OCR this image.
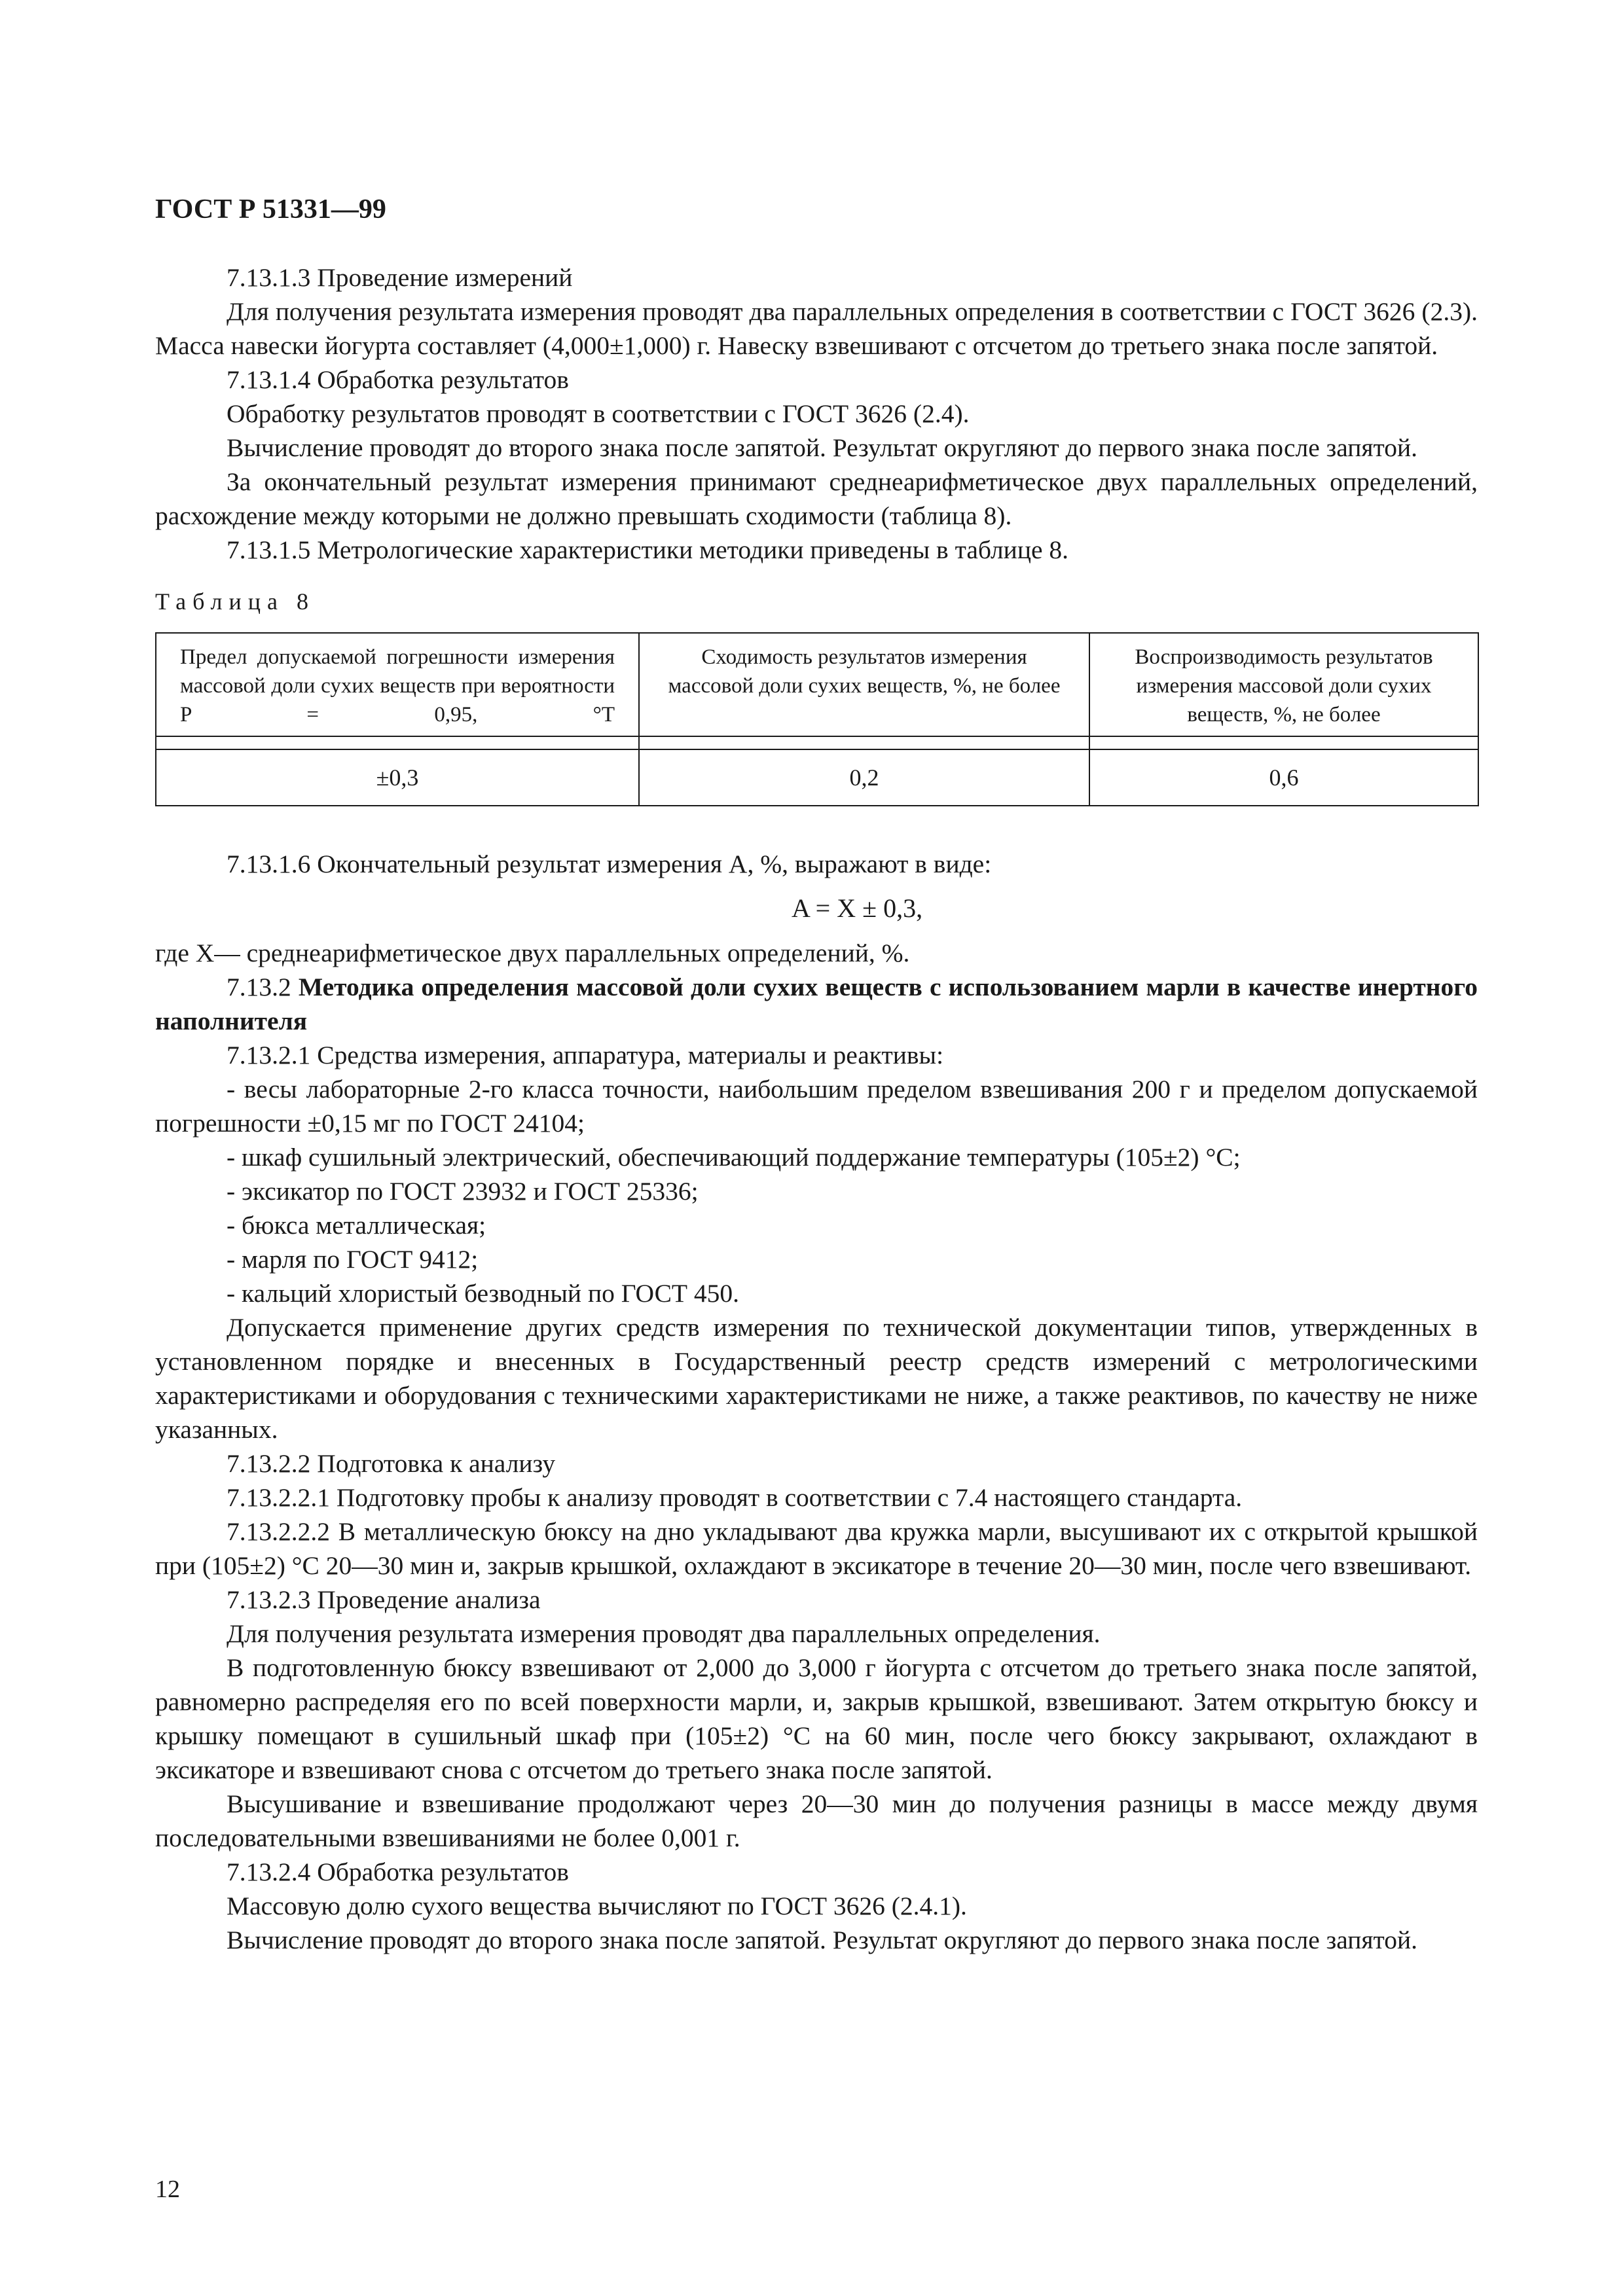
ГОСТ Р 51331—99

7.13.1.3 Проведение измерений

Для получения результата измерения проводят два параллельных определения в соответствии с ГОСТ 3626 (2.3). Масса навески йогурта составляет (4,000±1,000) г. Навеску взвешивают с отсчетом до третьего знака после запятой.

7.13.1.4 Обработка результатов

Обработку результатов проводят в соответствии с ГОСТ 3626 (2.4).

Вычисление проводят до второго знака после запятой. Результат округляют до первого знака после запятой.

За окончательный результат измерения принимают среднеарифметическое двух параллельных определений, расхождение между которыми не должно превышать сходимости (таблица 8).

7.13.1.5 Метрологические характеристики методики приведены в таблице 8.

Таблица 8
Предел допускаемой погрешности измерения массовой доли сухих веществ при вероятности P = 0,95, °Т	Сходимость результатов измерения массовой доли сухих веществ, %, не более	Воспроизводимость результатов измерения массовой доли сухих веществ, %, не более

±0,3	0,2	0,6

7.13.1.6 Окончательный результат измерения A, %, выражают в виде:

A = X ± 0,3,

где X— среднеарифметическое двух параллельных определений, %.

7.13.2 Методика определения массовой доли сухих веществ с использованием марли в качестве инертного наполнителя

7.13.2.1 Средства измерения, аппаратура, материалы и реактивы:

- весы лабораторные 2-го класса точности, наибольшим пределом взвешивания 200 г и пределом допускаемой погрешности ±0,15 мг по ГОСТ 24104;

- шкаф сушильный электрический, обеспечивающий поддержание температуры (105±2) °С;

- эксикатор по ГОСТ 23932 и ГОСТ 25336;

- бюкса металлическая;

- марля по ГОСТ 9412;

- кальций хлористый безводный по ГОСТ 450.

Допускается применение других средств измерения по технической документации типов, утвержденных в установленном порядке и внесенных в Государственный реестр средств измерений с метрологическими характеристиками и оборудования с техническими характеристиками не ниже, а также реактивов, по качеству не ниже указанных.

7.13.2.2 Подготовка к анализу

7.13.2.2.1 Подготовку пробы к анализу проводят в соответствии с 7.4 настоящего стандарта.

7.13.2.2.2 В металлическую бюксу на дно укладывают два кружка марли, высушивают их с открытой крышкой при (105±2) °С 20—30 мин и, закрыв крышкой, охлаждают в эксикаторе в течение 20—30 мин, после чего взвешивают.

7.13.2.3 Проведение анализа

Для получения результата измерения проводят два параллельных определения.

В подготовленную бюксу взвешивают от 2,000 до 3,000 г йогурта с отсчетом до третьего знака после запятой, равномерно распределяя его по всей поверхности марли, и, закрыв крышкой, взвешивают. Затем открытую бюксу и крышку помещают в сушильный шкаф при (105±2) °С на 60 мин, после чего бюксу закрывают, охлаждают в эксикаторе и взвешивают снова с отсчетом до третьего знака после запятой.

Высушивание и взвешивание продолжают через 20—30 мин до получения разницы в массе между двумя последовательными взвешиваниями не более 0,001 г.

7.13.2.4 Обработка результатов

Массовую долю сухого вещества вычисляют по ГОСТ 3626 (2.4.1).

Вычисление проводят до второго знака после запятой. Результат округляют до первого знака после запятой.

12
